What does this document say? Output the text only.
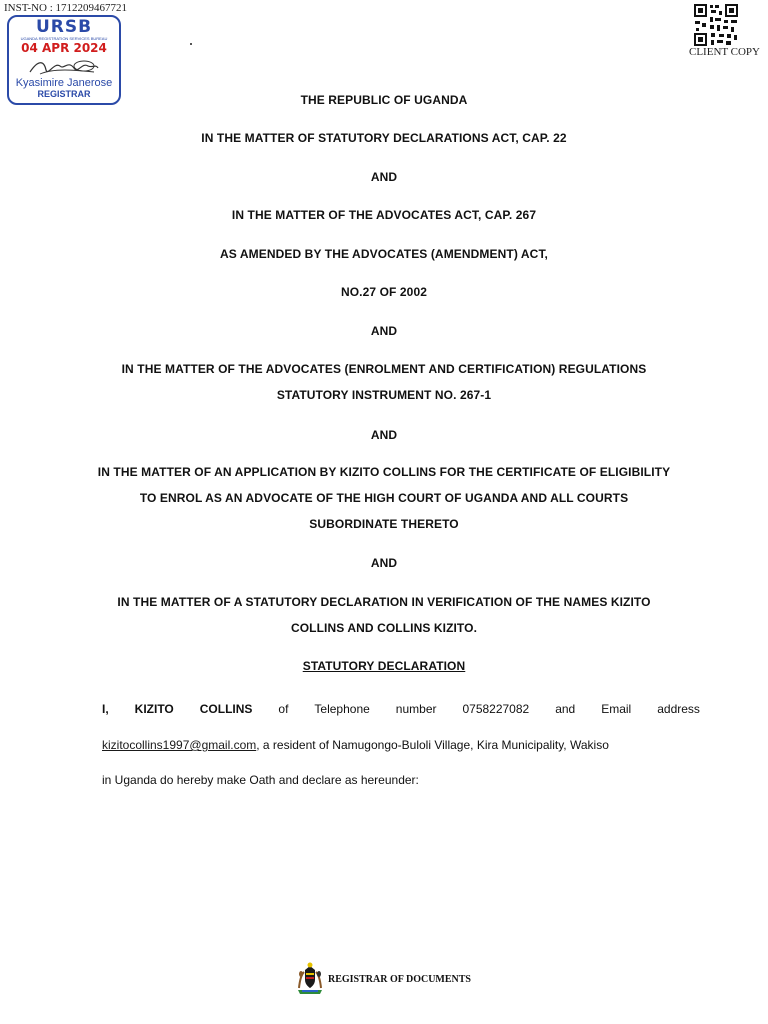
INST-NO : 1712209467721
URSB
UGANDA REGISTRATION SERVICES BUREAU
04 APR 2024
Kyasimire Janerose
REGISTRAR
CLIENT COPY

THE REPUBLIC OF UGANDA

IN THE MATTER OF STATUTORY DECLARATIONS ACT, CAP. 22

AND

IN THE MATTER OF THE ADVOCATES ACT, CAP. 267

AS AMENDED BY THE ADVOCATES (AMENDMENT) ACT,

NO.27 OF 2002

AND

IN THE MATTER OF THE ADVOCATES (ENROLMENT AND CERTIFICATION) REGULATIONS

STATUTORY INSTRUMENT NO. 267-1

AND

IN THE MATTER OF AN APPLICATION BY KIZITO COLLINS FOR THE CERTIFICATE OF ELIGIBILITY

TO ENROL AS AN ADVOCATE OF THE HIGH COURT OF UGANDA AND ALL COURTS

SUBORDINATE THERETO

AND

IN THE MATTER OF A STATUTORY DECLARATION IN VERIFICATION OF THE NAMES KIZITO

COLLINS AND COLLINS KIZITO.

STATUTORY DECLARATION

I, KIZITO COLLINS of Telephone number 0758227082 and Email address

kizitocollins1997@gmail.com, a resident of Namugongo-Buloli Village, Kira Municipality, Wakiso

in Uganda do hereby make Oath and declare as hereunder:

REGISTRAR OF DOCUMENTS
